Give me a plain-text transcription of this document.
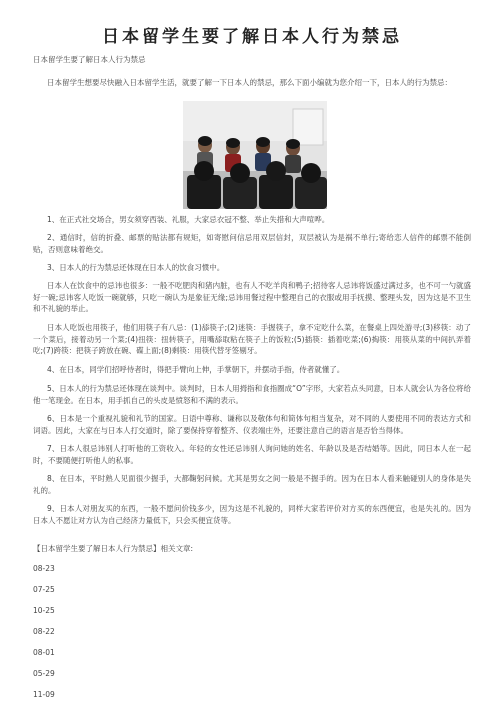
日本留学生要了解日本人行为禁忌
日本留学生要了解日本人行为禁忌
日本留学生想要尽快融入日本留学生活，就要了解一下日本人的禁忌，那么下面小编就为您介绍一下，日本人的行为禁忌：
1、在正式社交场合，男女须穿西装、礼服，大家忌衣冠不整、举止失措和大声喧哗。
2、通信时，信的折叠、邮票的贴法都有规矩，如寄慰问信忌用双层信封，双层被认为是祸不单行;寄给恋人信件的邮票不能倒贴，否则意味着绝交。
3、日本人的行为禁忌还体现在日本人的饮食习惯中。
日本人在饮食中的忌讳也很多：一般不吃肥肉和猪内脏，也有人不吃羊肉和鸭子;招待客人忌讳将饭盛过满过多，也不可一勺就盛好一碗;忌讳客人吃饭一碗就够，只吃一碗认为是象征无缘;忌讳用餐过程中整理自己的衣服或用手抚摸、整理头发，因为这是不卫生和不礼貌的举止。
日本人吃饭也用筷子，他们用筷子有八忌：(1)舔筷子;(2)迷筷：手握筷子，拿不定吃什么菜，在餐桌上四处游寻;(3)移筷：动了一个菜后，接着动另一个菜;(4)扭筷：扭转筷子，用嘴舔取粘在筷子上的饭粒;(5)插筷：插着吃菜;(6)掏筷：用筷从菜的中间扒弄着吃;(7)跨筷：把筷子跨放在碗、碟上面;(8)剩筷：用筷代替牙签剔牙。
4、在日本，同学们招呼侍者时，得把手臂向上伸，手掌朝下，并摆动手指，侍者就懂了。
5、日本人的行为禁忌还体现在谈判中。谈判时，日本人用拇指和食指圈成“O”字形，大家若点头同意，日本人就会认为各位将给他一笔现金。在日本，用手抓自己的头皮是愤怒和不满的表示。
6、日本是一个重视礼貌和礼节的国家。日语中尊称、谦称以及敬体句和简体句相当复杂，对不同的人要使用不同的表达方式和词语。因此，大家在与日本人打交道时，除了要保持穿着整齐、仪表端庄外，还要注意自己的语言是否恰当得体。
7、日本人很忌讳别人打听他的工资收入。年轻的女性还忌讳别人询问她的姓名、年龄以及是否结婚等。因此，同日本人在一起时，不要随便打听他人的私事。
8、在日本，平时熟人见面很少握手，大都鞠躬问候。尤其是男女之间一般是不握手的。因为在日本人看来触碰别人的身体是失礼的。
9、日本人对朋友买的东西，一般不愿问价钱多少，因为这是不礼貌的，同样大家若评价对方买的东西便宜，也是失礼的。因为日本人不愿让对方认为自己经济力量低下，只会买便宜货等。
【日本留学生要了解日本人行为禁忌】相关文章:
08-23
07-25
10-25
08-22
08-01
05-29
11-09
